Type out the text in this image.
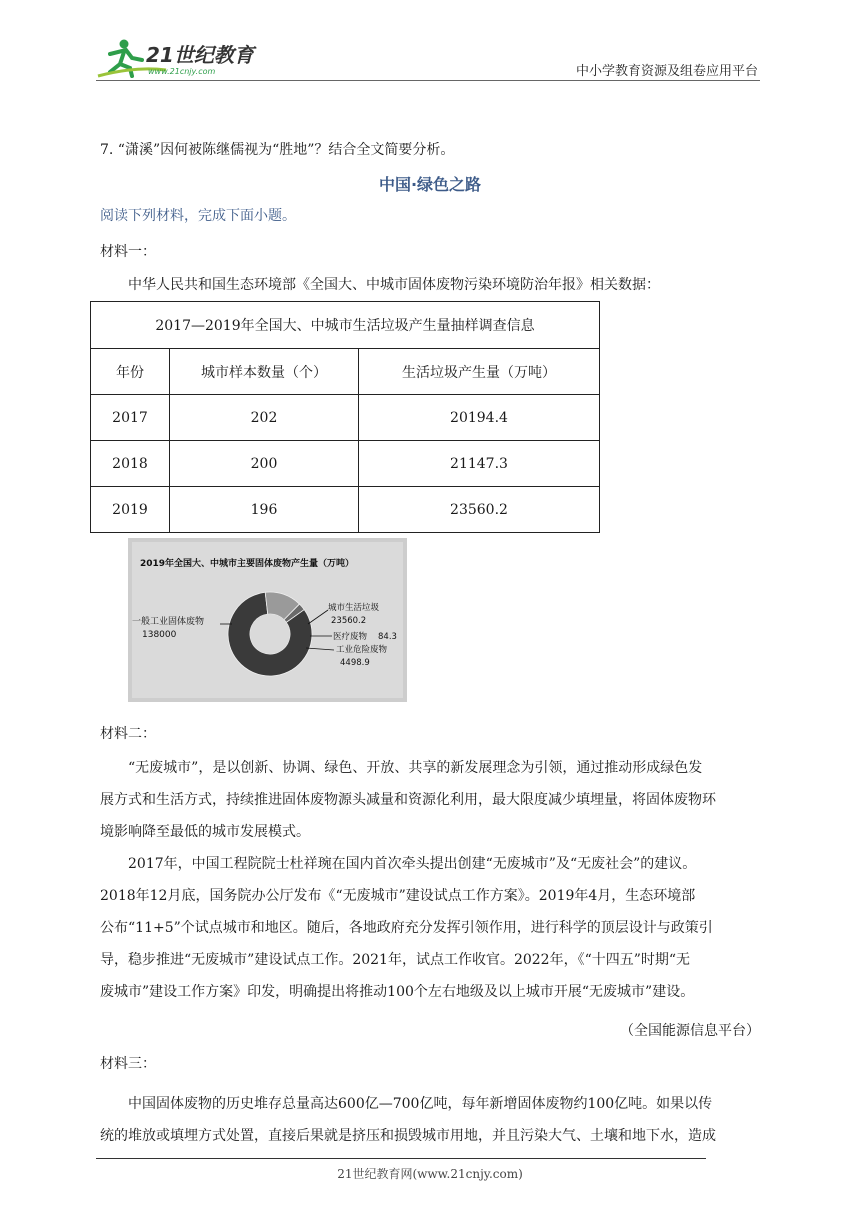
21世纪教育
www.21cnjy.com	中小学教育资源及组卷应用平台
7. “潇溪”因何被陈继儒视为“胜地”？结合全文简要分析。
中国·绿色之路
阅读下列材料，完成下面小题。
材料一：
中华人民共和国生态环境部《全国大、中城市固体废物污染环境防治年报》相关数据：
2017—2019年全国大、中城市生活垃圾产生量抽样调查信息		
年份	城市样本数量（个）	生活垃圾产生量（万吨）
2017	202	20194.4
2018	200	21147.3
2019	196	23560.2
2019年全国大、中城市主要固体废物产生量（万吨）
一般工业固体废物
138000
城市生活垃圾
23560.2
医疗废物 84.3
工业危险废物
4498.9
材料二：
“无废城市”，是以创新、协调、绿色、开放、共享的新发展理念为引领，通过推动形成绿色发
展方式和生活方式，持续推进固体废物源头减量和资源化利用，最大限度减少填埋量，将固体废物环
境影响降至最低的城市发展模式。
2017年，中国工程院院士杜祥琬在国内首次牵头提出创建“无废城市”及“无废社会”的建议。
2018年12月底，国务院办公厅发布《“无废城市”建设试点工作方案》。2019年4月，生态环境部
公布“11+5”个试点城市和地区。随后，各地政府充分发挥引领作用，进行科学的顶层设计与政策引
导，稳步推进“无废城市”建设试点工作。2021年，试点工作收官。2022年，《“十四五”时期“无
废城市”建设工作方案》印发，明确提出将推动100个左右地级及以上城市开展“无废城市”建设。
（全国能源信息平台）
材料三：
中国固体废物的历史堆存总量高达600亿—700亿吨，每年新增固体废物约100亿吨。如果以传
统的堆放或填埋方式处置，直接后果就是挤压和损毁城市用地，并且污染大气、土壤和地下水，造成
21世纪教育网(www.21cnjy.com)
